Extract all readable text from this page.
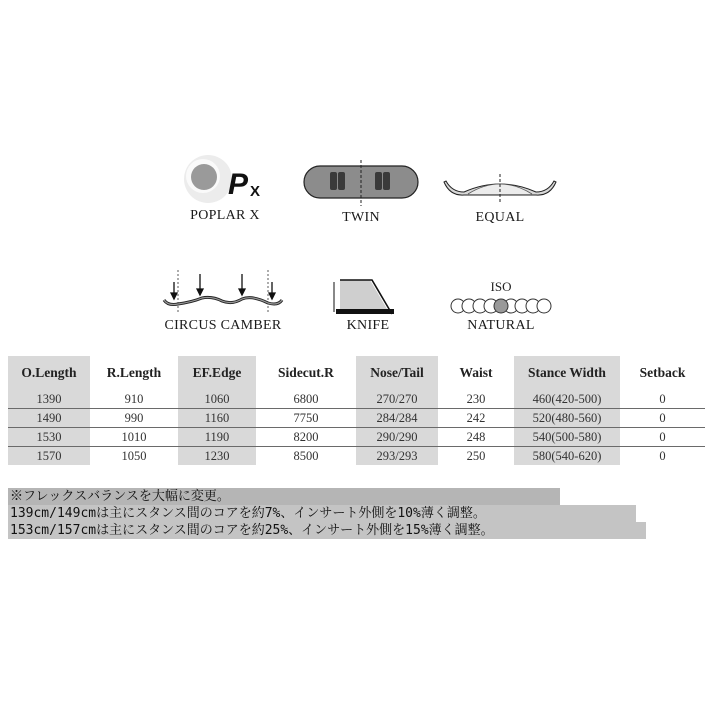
P X
POPLAR X	TWIN	EQUAL
CIRCUS CAMBER	KNIFE
ISO
NATURAL
O.Length	R.Length	EF.Edge	Sidecut.R	Nose/Tail	Waist	Stance Width	Setback
1390	910	1060	6800	270/270	230	460(420-500)	0
1490	990	1160	7750	284/284	242	520(480-560)	0
1530	1010	1190	8200	290/290	248	540(500-580)	0
1570	1050	1230	8500	293/293	250	580(540-620)	0
※フレックスバランスを大幅に変更。
139cm/149cmは主にスタンス間のコアを約7%、インサート外側を10%薄く調整。
153cm/157cmは主にスタンス間のコアを約25%、インサート外側を15%薄く調整。
